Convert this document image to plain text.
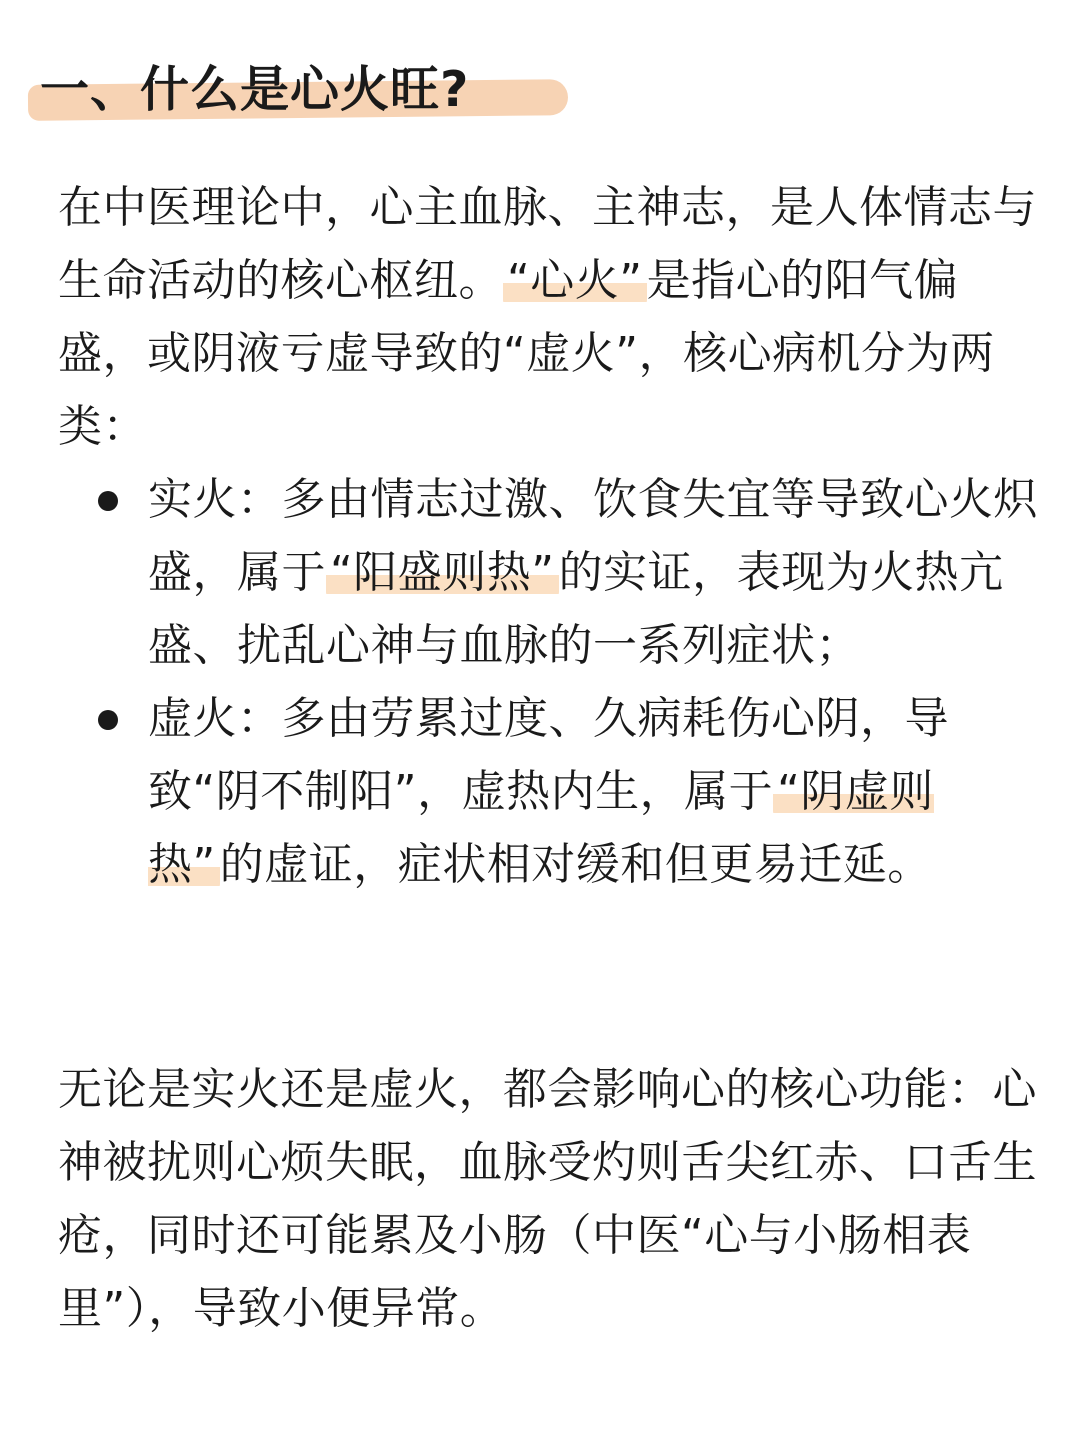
一、什么是心火旺?

在中医理论中，心主血脉、主神志，是人体情志与生命活动的核心枢纽。“心火”是指心的阳气偏盛，或阴液亏虚导致的“虚火”，核心病机分为两类：

实火：多由情志过激、饮食失宜等导致心火炽盛，属于“阳盛则热”的实证，表现为火热亢盛、扰乱心神与血脉的一系列症状；
虚火：多由劳累过度、久病耗伤心阴，导致“阴不制阳”，虚热内生，属于“阴虚则热”的虚证，症状相对缓和但更易迁延。

无论是实火还是虚火，都会影响心的核心功能：心神被扰则心烦失眠，血脉受灼则舌尖红赤、口舌生疮，同时还可能累及小肠（中医“心与小肠相表里”），导致小便异常。
